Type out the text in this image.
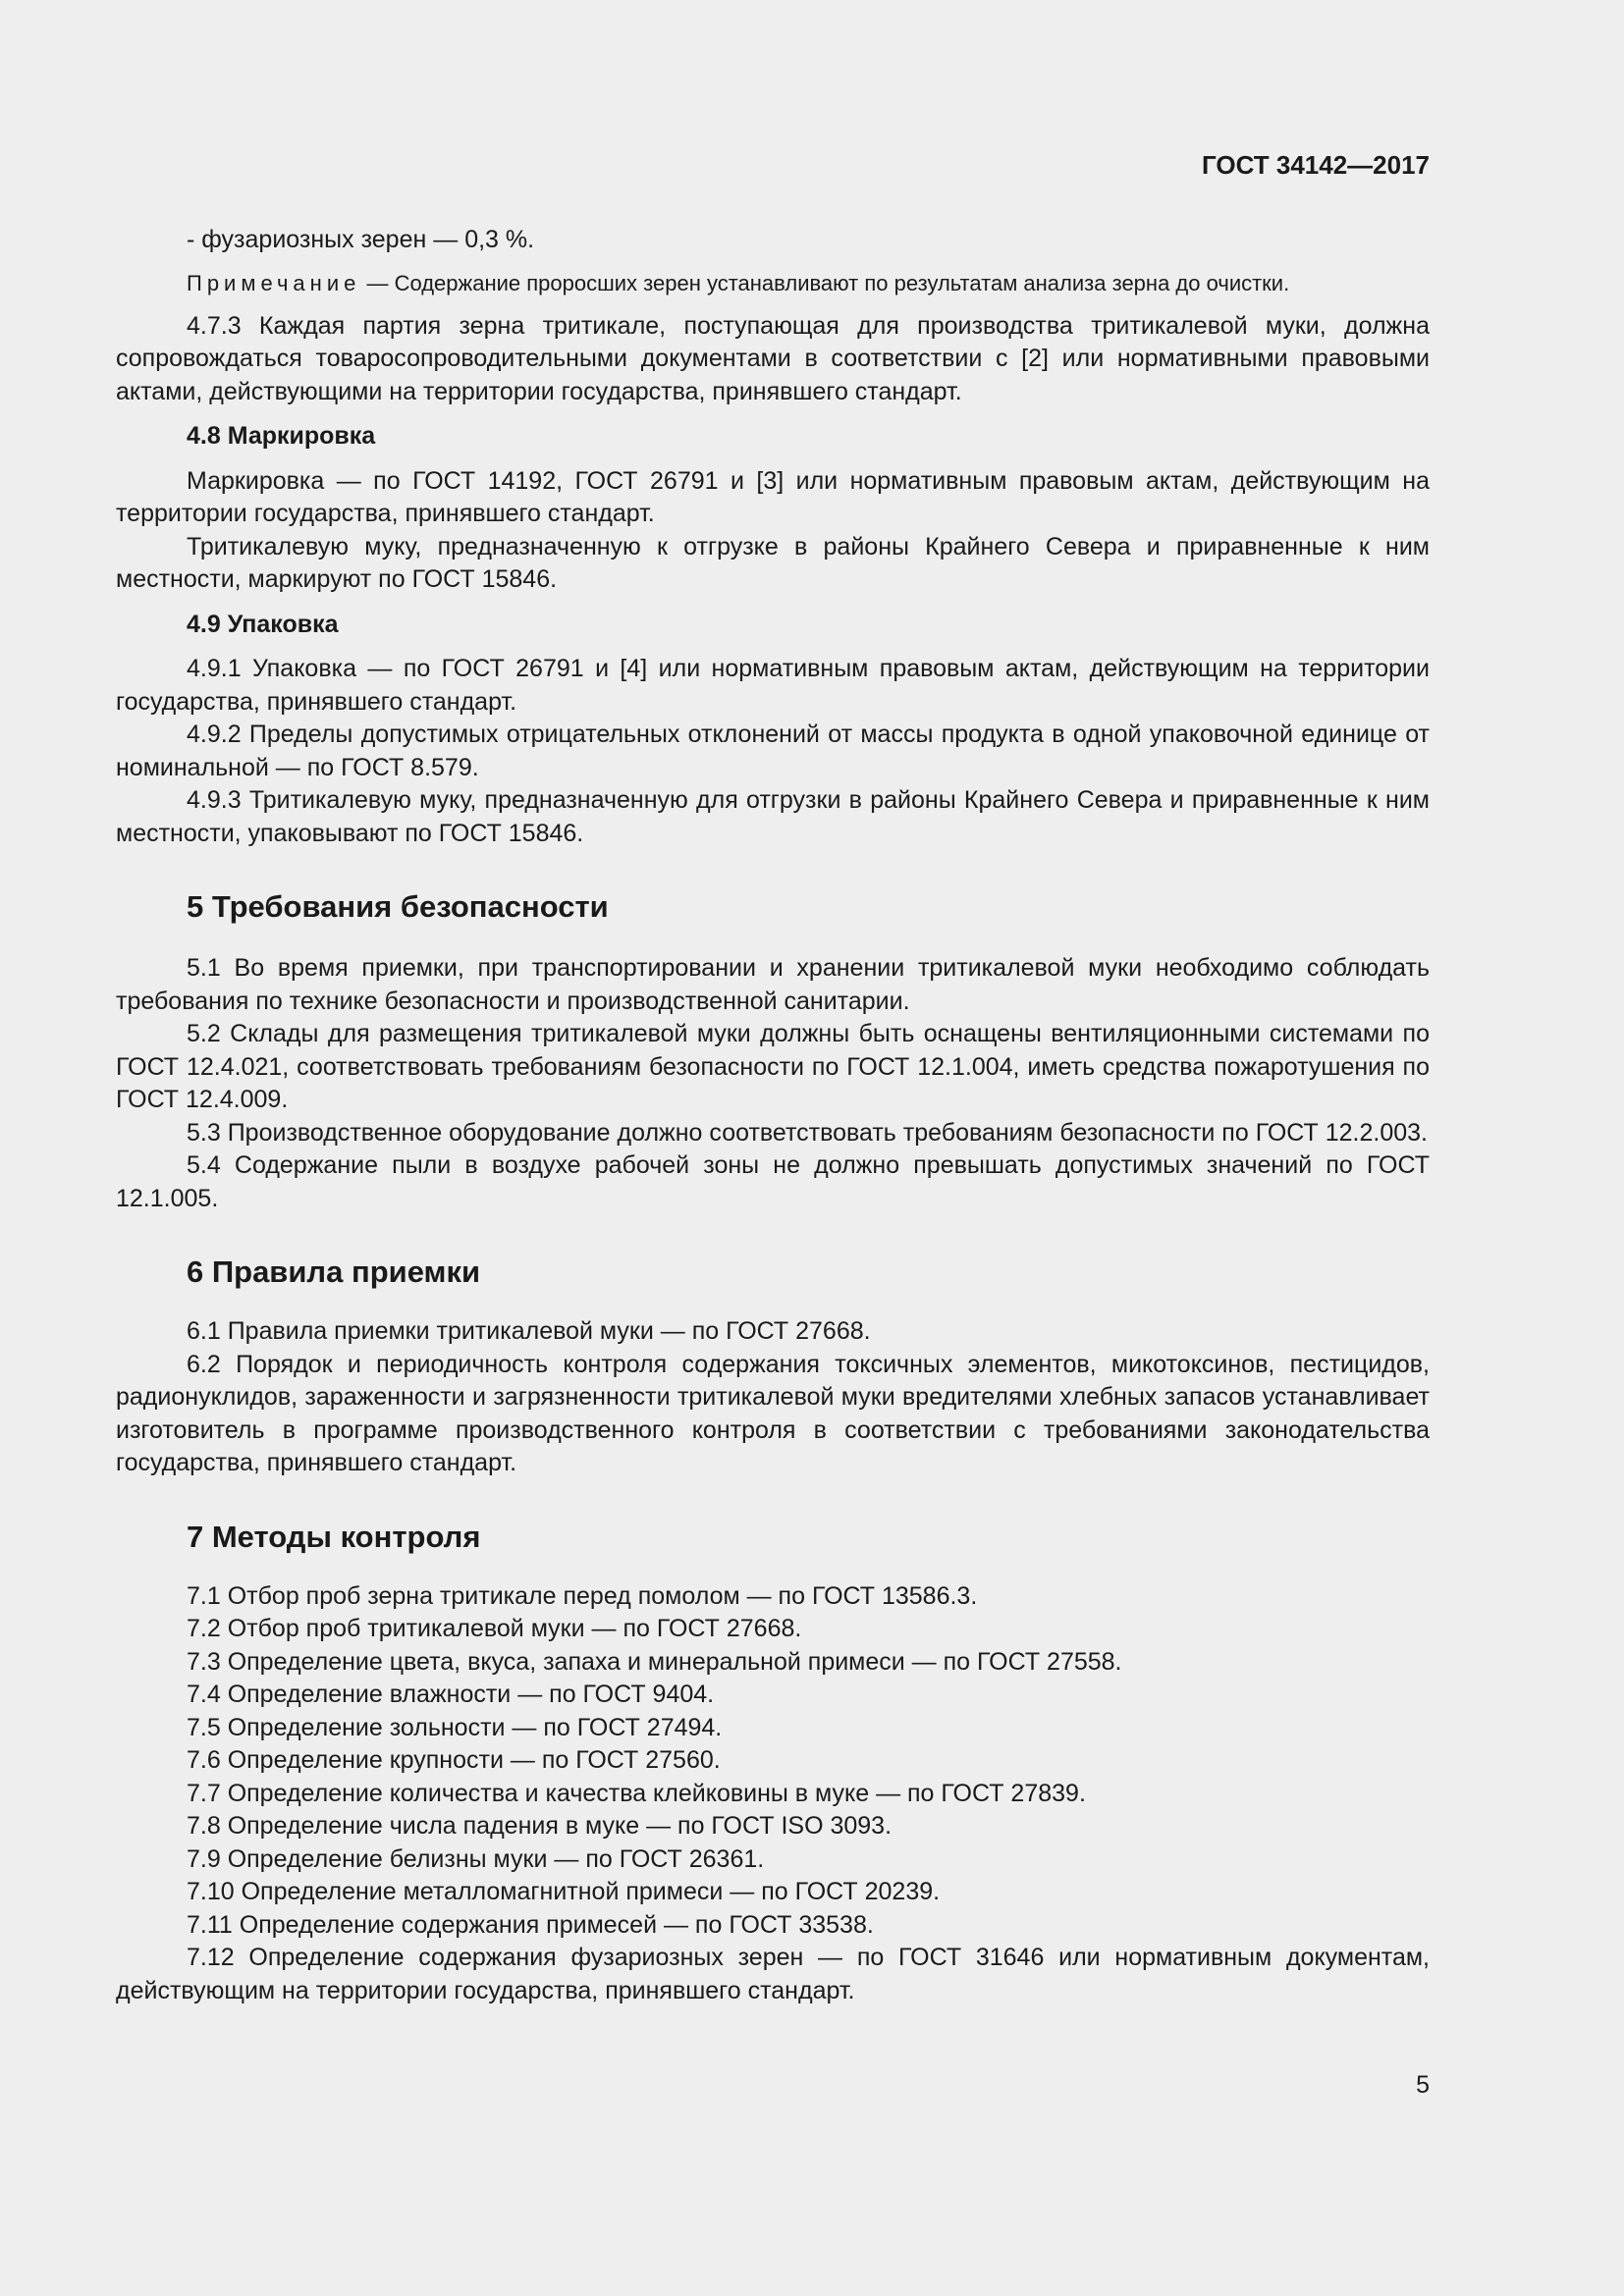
ГОСТ 34142—2017

- фузариозных зерен — 0,3 %.

Примечание — Содержание проросших зерен устанавливают по результатам анализа зерна до очистки.

4.7.3 Каждая партия зерна тритикале, поступающая для производства тритикалевой муки, должна сопровождаться товаросопроводительными документами в соответствии с [2] или нормативными правовыми актами, действующими на территории государства, принявшего стандарт.

4.8 Маркировка

Маркировка — по ГОСТ 14192, ГОСТ 26791 и [3] или нормативным правовым актам, действующим на территории государства, принявшего стандарт.

Тритикалевую муку, предназначенную к отгрузке в районы Крайнего Севера и приравненные к ним местности, маркируют по ГОСТ 15846.

4.9 Упаковка

4.9.1 Упаковка — по ГОСТ 26791 и [4] или нормативным правовым актам, действующим на территории государства, принявшего стандарт.

4.9.2 Пределы допустимых отрицательных отклонений от массы продукта в одной упаковочной единице от номинальной — по ГОСТ 8.579.

4.9.3 Тритикалевую муку, предназначенную для отгрузки в районы Крайнего Севера и приравненные к ним местности, упаковывают по ГОСТ 15846.

5 Требования безопасности

5.1 Во время приемки, при транспортировании и хранении тритикалевой муки необходимо соблюдать требования по технике безопасности и производственной санитарии.

5.2 Склады для размещения тритикалевой муки должны быть оснащены вентиляционными системами по ГОСТ 12.4.021, соответствовать требованиям безопасности по ГОСТ 12.1.004, иметь средства пожаротушения по ГОСТ 12.4.009.

5.3 Производственное оборудование должно соответствовать требованиям безопасности по ГОСТ 12.2.003.

5.4 Содержание пыли в воздухе рабочей зоны не должно превышать допустимых значений по ГОСТ 12.1.005.

6 Правила приемки

6.1 Правила приемки тритикалевой муки — по ГОСТ 27668.

6.2 Порядок и периодичность контроля содержания токсичных элементов, микотоксинов, пестицидов, радионуклидов, зараженности и загрязненности тритикалевой муки вредителями хлебных запасов устанавливает изготовитель в программе производственного контроля в соответствии с требованиями законодательства государства, принявшего стандарт.

7 Методы контроля

7.1 Отбор проб зерна тритикале перед помолом — по ГОСТ 13586.3.

7.2 Отбор проб тритикалевой муки — по ГОСТ 27668.

7.3 Определение цвета, вкуса, запаха и минеральной примеси — по ГОСТ 27558.

7.4 Определение влажности — по ГОСТ 9404.

7.5 Определение зольности — по ГОСТ 27494.

7.6 Определение крупности — по ГОСТ 27560.

7.7 Определение количества и качества клейковины в муке — по ГОСТ 27839.

7.8 Определение числа падения в муке — по ГОСТ ISO 3093.

7.9 Определение белизны муки — по ГОСТ 26361.

7.10 Определение металломагнитной примеси — по ГОСТ 20239.

7.11 Определение содержания примесей — по ГОСТ 33538.

7.12 Определение содержания фузариозных зерен — по ГОСТ 31646 или нормативным документам, действующим на территории государства, принявшего стандарт.

5
